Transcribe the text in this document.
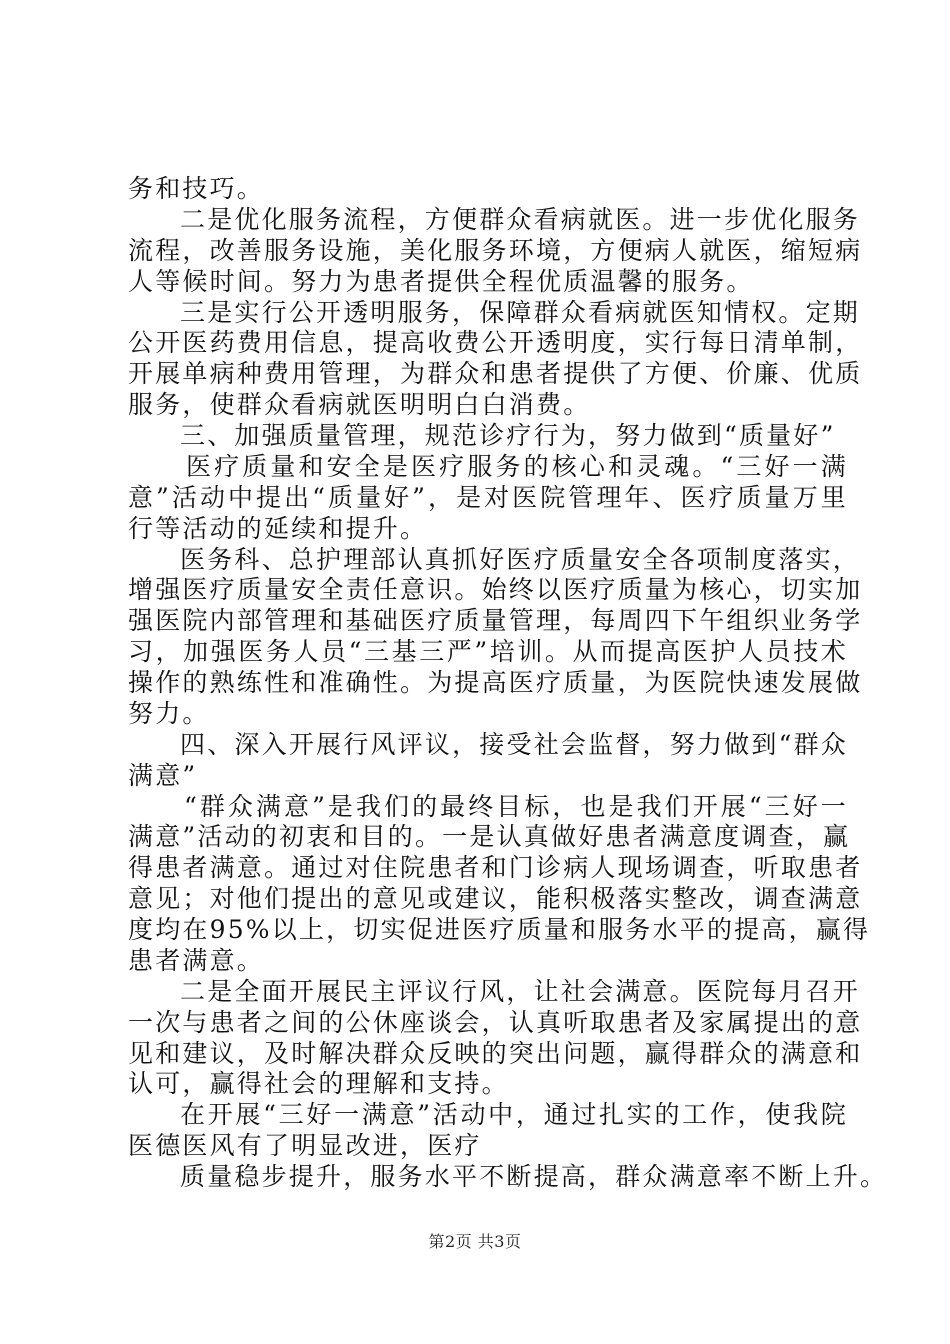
务和技巧。
二是优化服务流程，方便群众看病就医。进一步优化服务
流程，改善服务设施，美化服务环境，方便病人就医，缩短病
人等候时间。努力为患者提供全程优质温馨的服务。
三是实行公开透明服务，保障群众看病就医知情权。定期
公开医药费用信息，提高收费公开透明度，实行每日清单制，
开展单病种费用管理，为群众和患者提供了方便、价廉、优质
服务，使群众看病就医明明白白消费。
三、加强质量管理，规范诊疗行为，努力做到“质量好”
医疗质量和安全是医疗服务的核心和灵魂。“三好一满
意”活动中提出“质量好”，是对医院管理年、医疗质量万里
行等活动的延续和提升。
医务科、总护理部认真抓好医疗质量安全各项制度落实，
增强医疗质量安全责任意识。始终以医疗质量为核心，切实加
强医院内部管理和基础医疗质量管理，每周四下午组织业务学
习，加强医务人员“三基三严”培训。从而提高医护人员技术
操作的熟练性和准确性。为提高医疗质量，为医院快速发展做
努力。
四、深入开展行风评议，接受社会监督，努力做到“群众
满意”
“群众满意”是我们的最终目标，也是我们开展“三好一
满意”活动的初衷和目的。一是认真做好患者满意度调查，赢
得患者满意。通过对住院患者和门诊病人现场调查，听取患者
意见；对他们提出的意见或建议，能积极落实整改，调查满意
度均在95%以上，切实促进医疗质量和服务水平的提高，赢得
患者满意。
二是全面开展民主评议行风，让社会满意。医院每月召开
一次与患者之间的公休座谈会，认真听取患者及家属提出的意
见和建议，及时解决群众反映的突出问题，赢得群众的满意和
认可，赢得社会的理解和支持。
在开展“三好一满意”活动中，通过扎实的工作，使我院
医德医风有了明显改进，医疗
质量稳步提升，服务水平不断提高，群众满意率不断上升。
第2页 共3页
